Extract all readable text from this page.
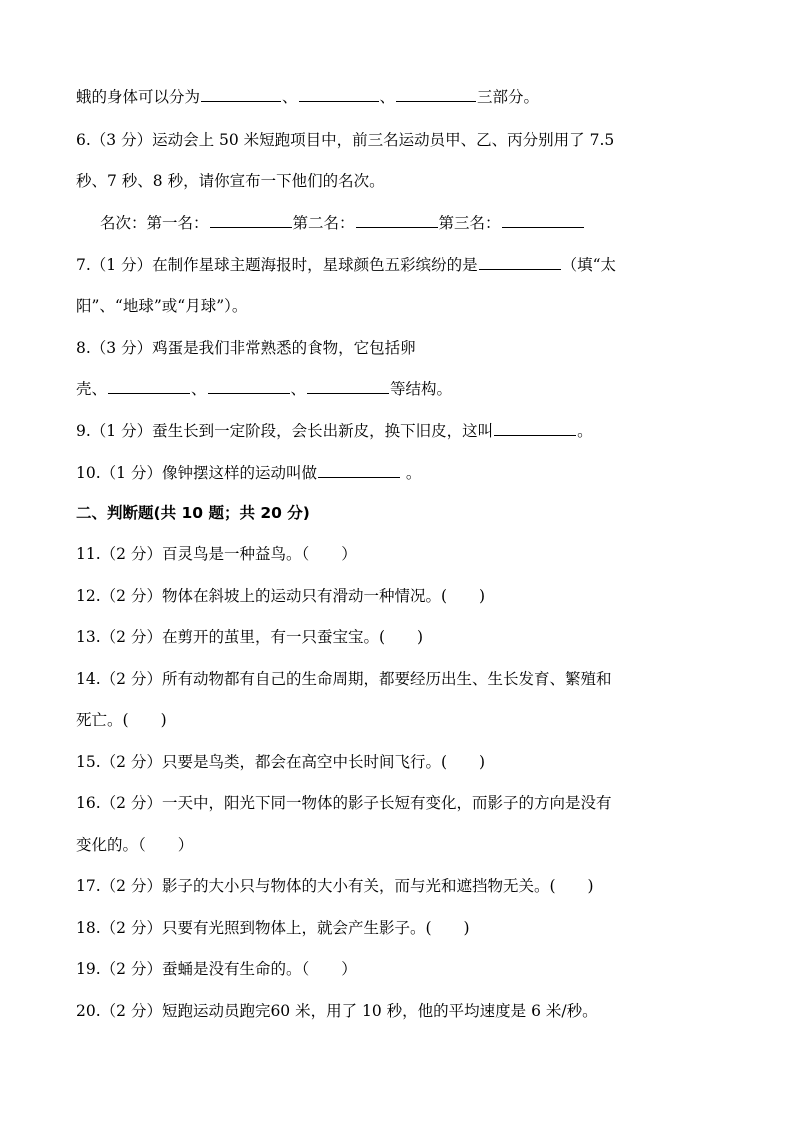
蛾的身体可以分为	、	、	三部分。
6.（3 分）运动会上 50 米短跑项目中，前三名运动员甲、乙、丙分别用了 7.5
秒、7 秒、8 秒，请你宣布一下他们的名次。
名次：第一名：	第二名：	第三名：
7.（1 分）在制作星球主题海报时，星球颜色五彩缤纷的是	（填“太
阳”、“地球”或“月球”）。
8.（3 分）鸡蛋是我们非常熟悉的食物，它包括卵
壳、	、	、	等结构。
9.（1 分）蚕生长到一定阶段，会长出新皮，换下旧皮，这叫	。
10.（1 分）像钟摆这样的运动叫做	。
二、判断题(共 10 题；共 20 分)
11.（2 分）百灵鸟是一种益鸟。（ ）
12.（2 分）物体在斜坡上的运动只有滑动一种情况。( )
13.（2 分）在剪开的茧里，有一只蚕宝宝。( )
14.（2 分）所有动物都有自己的生命周期，都要经历出生、生长发育、繁殖和
死亡。( )
15.（2 分）只要是鸟类，都会在高空中长时间飞行。( )
16.（2 分）一天中，阳光下同一物体的影子长短有变化，而影子的方向是没有
变化的。（ ）
17.（2 分）影子的大小只与物体的大小有关，而与光和遮挡物无关。( )
18.（2 分）只要有光照到物体上，就会产生影子。( )
19.（2 分）蚕蛹是没有生命的。（ ）
20.（2 分）短跑运动员跑完60 米，用了 10 秒，他的平均速度是 6 米/秒。
